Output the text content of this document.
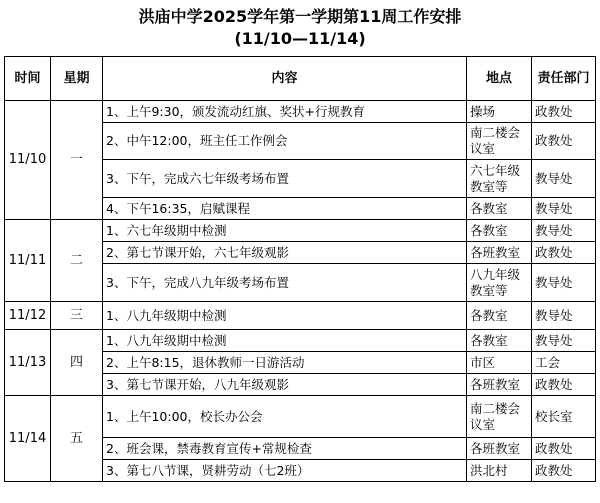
洪庙中学2025学年第一学期第11周工作安排
(11/10—11/14)
时间	星期	内容	地点	责任部门
11/10	一	1、上午9:30，颁发流动红旗、奖状+行规教育	操场	政教处
		2、中午12:00，班主任工作例会	南二楼会议室	政教处
		3、下午，完成六七年级考场布置	六七年级教室等	教导处
		4、下午16:35，启赋课程	各教室	教导处
11/11	二	1、六七年级期中检测	各教室	教导处
		2、第七节课开始，六七年级观影	各班教室	政教处
		3、下午，完成八九年级考场布置	八九年级教室等	教导处
11/12	三	1、八九年级期中检测	各教室	教导处
11/13	四	1、八九年级期中检测	各教室	教导处
		2、上午8:15，退休教师一日游活动	市区	工会
		3、第七节课开始，八九年级观影	各班教室	政教处
11/14	五	1、上午10:00，校长办公会	南二楼会议室	校长室
		2、班会课，禁毒教育宣传+常规检查	各班教室	政教处
		3、第七八节课，贤耕劳动（七2班）	洪北村	政教处
